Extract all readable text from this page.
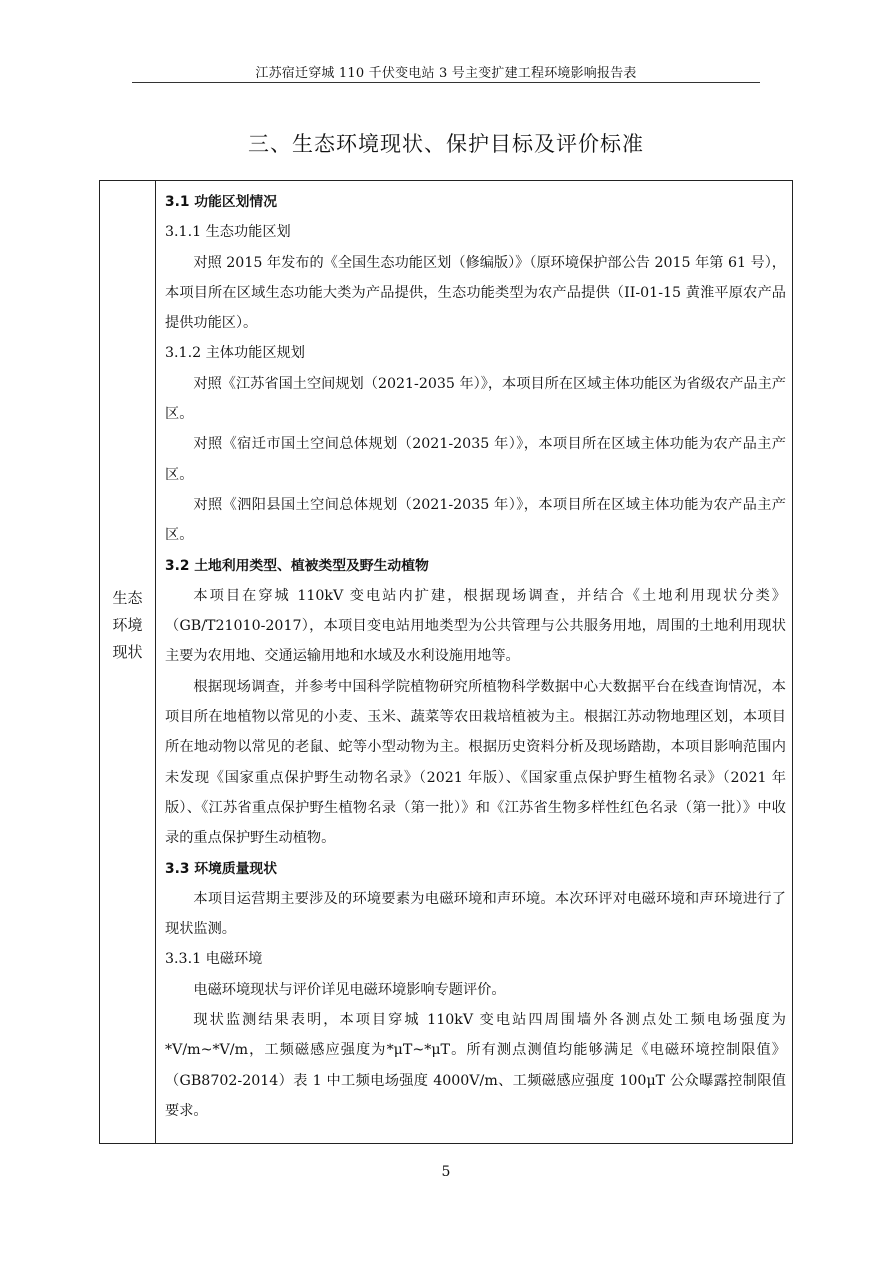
江苏宿迁穿城 110 千伏变电站 3 号主变扩建工程环境影响报告表
三、生态环境现状、保护目标及评价标准
生态
环境
现状

3.1 功能区划情况

3.1.1 生态功能区划

对照 2015 年发布的《全国生态功能区划（修编版）》（原环境保护部公告 2015 年第 61 号），本项目所在区域生态功能大类为产品提供，生态功能类型为农产品提供（II-01-15 黄淮平原农产品提供功能区）。

3.1.2 主体功能区规划

对照《江苏省国土空间规划（2021-2035 年）》，本项目所在区域主体功能区为省级农产品主产区。

对照《宿迁市国土空间总体规划（2021-2035 年）》，本项目所在区域主体功能为农产品主产区。

对照《泗阳县国土空间总体规划（2021-2035 年）》，本项目所在区域主体功能为农产品主产区。

3.2 土地利用类型、植被类型及野生动植物

本项目在穿城 110kV 变电站内扩建，根据现场调查，并结合《土地利用现状分类》（GB/T21010-2017），本项目变电站用地类型为公共管理与公共服务用地，周围的土地利用现状主要为农用地、交通运输用地和水域及水利设施用地等。

根据现场调查，并参考中国科学院植物研究所植物科学数据中心大数据平台在线查询情况，本项目所在地植物以常见的小麦、玉米、蔬菜等农田栽培植被为主。根据江苏动物地理区划，本项目所在地动物以常见的老鼠、蛇等小型动物为主。根据历史资料分析及现场踏勘，本项目影响范围内未发现《国家重点保护野生动物名录》（2021 年版）、《国家重点保护野生植物名录》（2021 年版）、《江苏省重点保护野生植物名录（第一批）》和《江苏省生物多样性红色名录（第一批）》中收录的重点保护野生动植物。

3.3 环境质量现状

本项目运营期主要涉及的环境要素为电磁环境和声环境。本次环评对电磁环境和声环境进行了现状监测。

3.3.1 电磁环境

电磁环境现状与评价详见电磁环境影响专题评价。

现状监测结果表明，本项目穿城 110kV 变电站四周围墙外各测点处工频电场强度为*V/m~*V/m，工频磁感应强度为*μT~*μT。所有测点测值均能够满足《电磁环境控制限值》（GB8702-2014）表 1 中工频电场强度 4000V/m、工频磁感应强度 100μT 公众曝露控制限值要求。

5
